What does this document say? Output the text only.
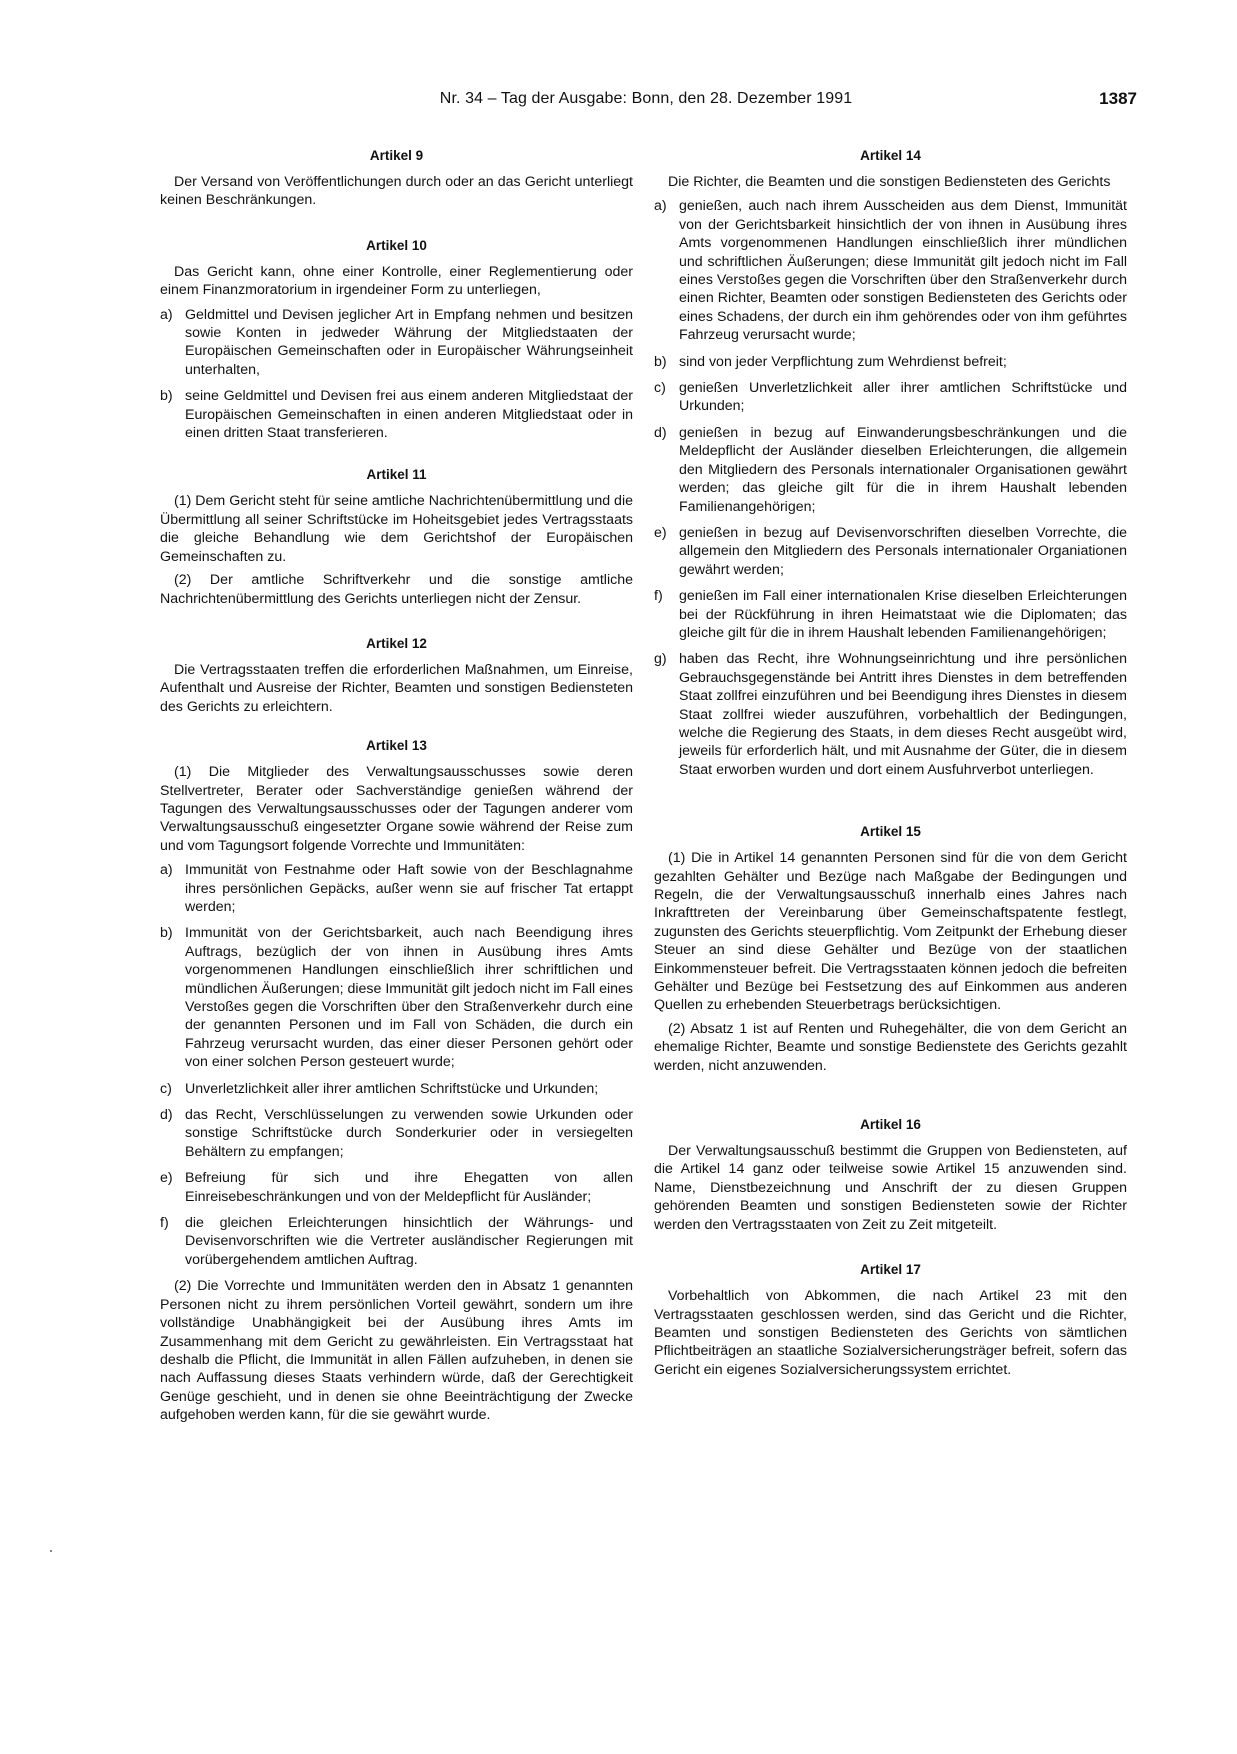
Nr. 34 – Tag der Ausgabe: Bonn, den 28. Dezember 1991	1387
Artikel 9

Der Versand von Veröffentlichungen durch oder an das Gericht unterliegt keinen Beschränkungen.

Artikel 10

Das Gericht kann, ohne einer Kontrolle, einer Reglementierung oder einem Finanzmoratorium in irgendeiner Form zu unterliegen,

a) Geldmittel und Devisen jeglicher Art in Empfang nehmen und besitzen sowie Konten in jedweder Währung der Mitgliedstaaten der Europäischen Gemeinschaften oder in Europäischer Währungseinheit unterhalten,
b) seine Geldmittel und Devisen frei aus einem anderen Mitgliedstaat der Europäischen Gemeinschaften in einen anderen Mitgliedstaat oder in einen dritten Staat transferieren.
Artikel 11

(1) Dem Gericht steht für seine amtliche Nachrichtenübermittlung und die Übermittlung all seiner Schriftstücke im Hoheitsgebiet jedes Vertragsstaats die gleiche Behandlung wie dem Gerichtshof der Europäischen Gemeinschaften zu.

(2) Der amtliche Schriftverkehr und die sonstige amtliche Nachrichtenübermittlung des Gerichts unterliegen nicht der Zensur.

Artikel 12

Die Vertragsstaaten treffen die erforderlichen Maßnahmen, um Einreise, Aufenthalt und Ausreise der Richter, Beamten und sonstigen Bediensteten des Gerichts zu erleichtern.

Artikel 13

(1) Die Mitglieder des Verwaltungsausschusses sowie deren Stellvertreter, Berater oder Sachverständige genießen während der Tagungen des Verwaltungsausschusses oder der Tagungen anderer vom Verwaltungsausschuß eingesetzter Organe sowie während der Reise zum und vom Tagungsort folgende Vorrechte und Immunitäten:

a) Immunität von Festnahme oder Haft sowie von der Beschlagnahme ihres persönlichen Gepäcks, außer wenn sie auf frischer Tat ertappt werden;
b) Immunität von der Gerichtsbarkeit, auch nach Beendigung ihres Auftrags, bezüglich der von ihnen in Ausübung ihres Amts vorgenommenen Handlungen einschließlich ihrer schriftlichen und mündlichen Äußerungen; diese Immunität gilt jedoch nicht im Fall eines Verstoßes gegen die Vorschriften über den Straßenverkehr durch eine der genannten Personen und im Fall von Schäden, die durch ein Fahrzeug verursacht wurden, das einer dieser Personen gehört oder von einer solchen Person gesteuert wurde;
c) Unverletzlichkeit aller ihrer amtlichen Schriftstücke und Urkunden;
d) das Recht, Verschlüsselungen zu verwenden sowie Urkunden oder sonstige Schriftstücke durch Sonderkurier oder in versiegelten Behältern zu empfangen;
e) Befreiung für sich und ihre Ehegatten von allen Einreisebeschränkungen und von der Meldepflicht für Ausländer;
f) die gleichen Erleichterungen hinsichtlich der Währungs- und Devisenvorschriften wie die Vertreter ausländischer Regierungen mit vorübergehendem amtlichen Auftrag.

(2) Die Vorrechte und Immunitäten werden den in Absatz 1 genannten Personen nicht zu ihrem persönlichen Vorteil gewährt, sondern um ihre vollständige Unabhängigkeit bei der Ausübung ihres Amts im Zusammenhang mit dem Gericht zu gewährleisten. Ein Vertragsstaat hat deshalb die Pflicht, die Immunität in allen Fällen aufzuheben, in denen sie nach Auffassung dieses Staats verhindern würde, daß der Gerechtigkeit Genüge geschieht, und in denen sie ohne Beeinträchtigung der Zwecke aufgehoben werden kann, für die sie gewährt wurde.

Artikel 14

Die Richter, die Beamten und die sonstigen Bediensteten des Gerichts

a) genießen, auch nach ihrem Ausscheiden aus dem Dienst, Immunität von der Gerichtsbarkeit hinsichtlich der von ihnen in Ausübung ihres Amts vorgenommenen Handlungen einschließlich ihrer mündlichen und schriftlichen Äußerungen; diese Immunität gilt jedoch nicht im Fall eines Verstoßes gegen die Vorschriften über den Straßenverkehr durch einen Richter, Beamten oder sonstigen Bediensteten des Gerichts oder eines Schadens, der durch ein ihm gehörendes oder von ihm geführtes Fahrzeug verursacht wurde;
b) sind von jeder Verpflichtung zum Wehrdienst befreit;
c) genießen Unverletzlichkeit aller ihrer amtlichen Schriftstücke und Urkunden;
d) genießen in bezug auf Einwanderungsbeschränkungen und die Meldepflicht der Ausländer dieselben Erleichterungen, die allgemein den Mitgliedern des Personals internationaler Organisationen gewährt werden; das gleiche gilt für die in ihrem Haushalt lebenden Familienangehörigen;
e) genießen in bezug auf Devisenvorschriften dieselben Vorrechte, die allgemein den Mitgliedern des Personals internationaler Organiationen gewährt werden;
f) genießen im Fall einer internationalen Krise dieselben Erleichterungen bei der Rückführung in ihren Heimatstaat wie die Diplomaten; das gleiche gilt für die in ihrem Haushalt lebenden Familienangehörigen;
g) haben das Recht, ihre Wohnungseinrichtung und ihre persönlichen Gebrauchsgegenstände bei Antritt ihres Dienstes in dem betreffenden Staat zollfrei einzuführen und bei Beendigung ihres Dienstes in diesem Staat zollfrei wieder auszuführen, vorbehaltlich der Bedingungen, welche die Regierung des Staats, in dem dieses Recht ausgeübt wird, jeweils für erforderlich hält, und mit Ausnahme der Güter, die in diesem Staat erworben wurden und dort einem Ausfuhrverbot unterliegen.
Artikel 15

(1) Die in Artikel 14 genannten Personen sind für die von dem Gericht gezahlten Gehälter und Bezüge nach Maßgabe der Bedingungen und Regeln, die der Verwaltungsausschuß innerhalb eines Jahres nach Inkrafttreten der Vereinbarung über Gemeinschaftspatente festlegt, zugunsten des Gerichts steuerpflichtig. Vom Zeitpunkt der Erhebung dieser Steuer an sind diese Gehälter und Bezüge von der staatlichen Einkommensteuer befreit. Die Vertragsstaaten können jedoch die befreiten Gehälter und Bezüge bei Festsetzung des auf Einkommen aus anderen Quellen zu erhebenden Steuerbetrags berücksichtigen.

(2) Absatz 1 ist auf Renten und Ruhegehälter, die von dem Gericht an ehemalige Richter, Beamte und sonstige Bedienstete des Gerichts gezahlt werden, nicht anzuwenden.

Artikel 16

Der Verwaltungsausschuß bestimmt die Gruppen von Bediensteten, auf die Artikel 14 ganz oder teilweise sowie Artikel 15 anzuwenden sind. Name, Dienstbezeichnung und Anschrift der zu diesen Gruppen gehörenden Beamten und sonstigen Bediensteten sowie der Richter werden den Vertragsstaaten von Zeit zu Zeit mitgeteilt.

Artikel 17

Vorbehaltlich von Abkommen, die nach Artikel 23 mit den Vertragsstaaten geschlossen werden, sind das Gericht und die Richter, Beamten und sonstigen Bediensteten des Gerichts von sämtlichen Pflichtbeiträgen an staatliche Sozialversicherungsträger befreit, sofern das Gericht ein eigenes Sozialversicherungssystem errichtet.
